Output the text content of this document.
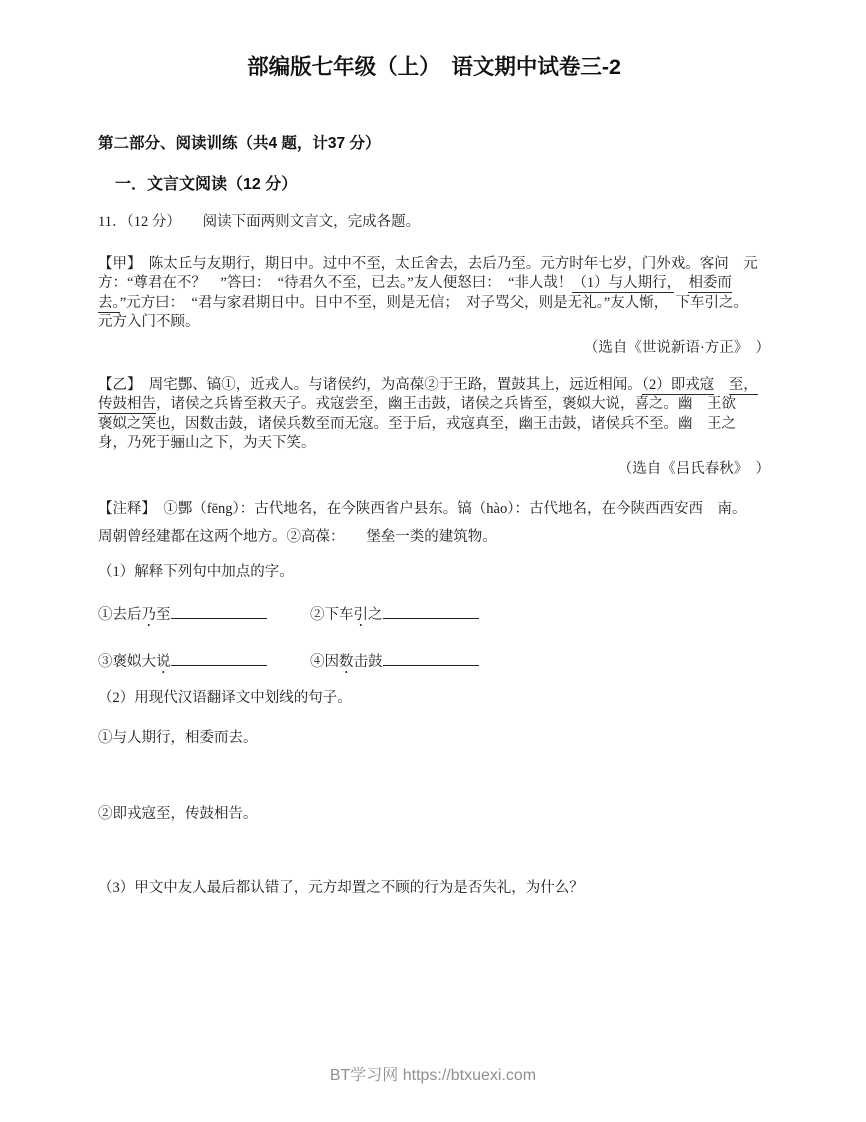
部编版七年级（上）　语文期中试卷三-2
第二部分、阅读训练（共4 题，计37 分）
一．文言文阅读（12 分）
11．（12 分）　　阅读下面两则文言文，完成各题。
【甲】　陈太丘与友期行，期日中。过中不至，太丘舍去，去后乃至。元方时年七岁，门外戏。客问　元
方：“尊君在不？　”答曰：　“待君久不至，已去。”友人便怒曰：　“非人哉！（1）与人期行，　 相委而
去。”元方曰：　“君与家君期日中。日中不至，则是无信；　对子骂父，则是无礼。”友人惭，　下车引之。
元方入门不顾。
（选自《世说新语·方正》　）
【乙】　周宅酆、镐①，近戎人。与诸侯约，为高葆②于王路，置鼓其上，远近相闻。（2）即戎寇　 至，
传鼓相告，诸侯之兵皆至救天子。戎寇尝至，幽王击鼓，诸侯之兵皆至，褒姒大说，喜之。幽　王欲
褒姒之笑也，因数击鼓，诸侯兵数至而无寇。至于后，戎寇真至，幽王击鼓，诸侯兵不至。幽　王之
身，乃死于骊山之下，为天下笑。
（选自《吕氏春秋》　）
【注释】　①酆（fēng）：古代地名，在今陕西省户县东。镐（hào）：古代地名，在今陕西西安西　南。
周朝曾经建都在这两个地方。②高葆：　　堡垒一类的建筑物。
（1）解释下列句中加点的字。
①去后乃至	②下车引之
③褒姒大说	④因数击鼓
（2）用现代汉语翻译文中划线的句子。
①与人期行，相委而去。
②即戎寇至，传鼓相告。
（3）甲文中友人最后都认错了，元方却置之不顾的行为是否失礼，为什么？
BT学习网 https://btxuexi.com
